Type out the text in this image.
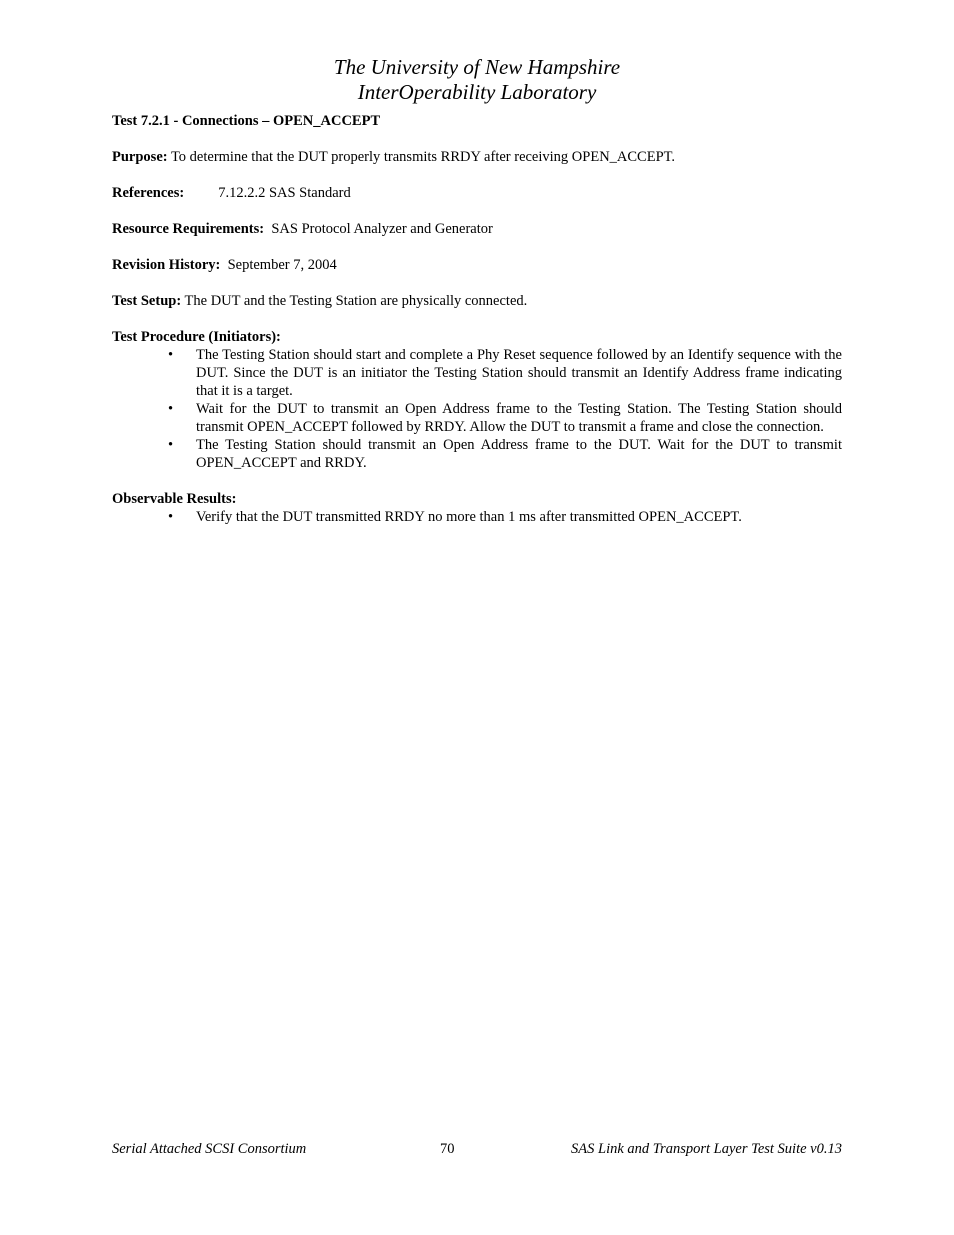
The University of New Hampshire
InterOperability Laboratory
Test 7.2.1 - Connections – OPEN_ACCEPT
Purpose: To determine that the DUT properly transmits RRDY after receiving OPEN_ACCEPT.
References: 7.12.2.2 SAS Standard
Resource Requirements:  SAS Protocol Analyzer and Generator
Revision History:  September 7, 2004
Test Setup: The DUT and the Testing Station are physically connected.
Test Procedure (Initiators):
• The Testing Station should start and complete a Phy Reset sequence followed by an Identify sequence with the DUT. Since the DUT is an initiator the Testing Station should transmit an Identify Address frame indicating that it is a target.
• Wait for the DUT to transmit an Open Address frame to the Testing Station. The Testing Station should transmit OPEN_ACCEPT followed by RRDY. Allow the DUT to transmit a frame and close the connection.
• The Testing Station should transmit an Open Address frame to the DUT. Wait for the DUT to transmit OPEN_ACCEPT and RRDY.
Observable Results:
• Verify that the DUT transmitted RRDY no more than 1 ms after transmitted OPEN_ACCEPT.
Serial Attached SCSI Consortium	70	SAS Link and Transport Layer Test Suite v0.13
